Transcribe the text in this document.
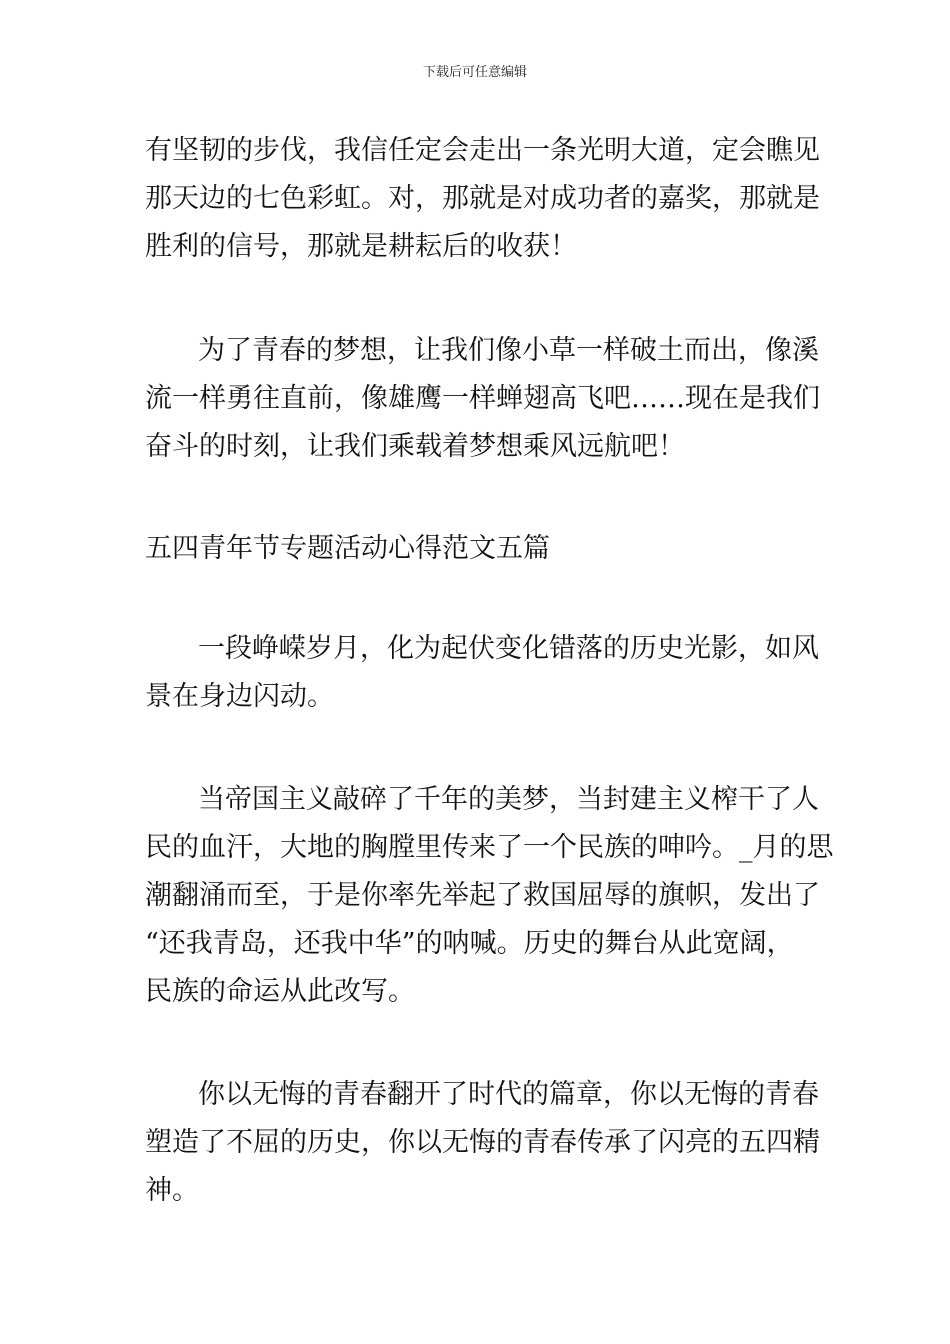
下载后可任意编辑
有坚韧的步伐，我信任定会走出一条光明大道，定会瞧见
那天边的七色彩虹。对，那就是对成功者的嘉奖，那就是
胜利的信号，那就是耕耘后的收获！
为了青春的梦想，让我们像小草一样破土而出，像溪
流一样勇往直前，像雄鹰一样蝉翅高飞吧……现在是我们
奋斗的时刻，让我们乘载着梦想乘风远航吧！
五四青年节专题活动心得范文五篇
一段峥嵘岁月，化为起伏变化错落的历史光影，如风
景在身边闪动。
当帝国主义敲碎了千年的美梦，当封建主义榨干了人
民的血汗，大地的胸膛里传来了一个民族的呻吟。_月的思
潮翻涌而至，于是你率先举起了救国屈辱的旗帜，发出了
“还我青岛，还我中华”的呐喊。历史的舞台从此宽阔，
民族的命运从此改写。
你以无悔的青春翻开了时代的篇章，你以无悔的青春
塑造了不屈的历史，你以无悔的青春传承了闪亮的五四精
神。
